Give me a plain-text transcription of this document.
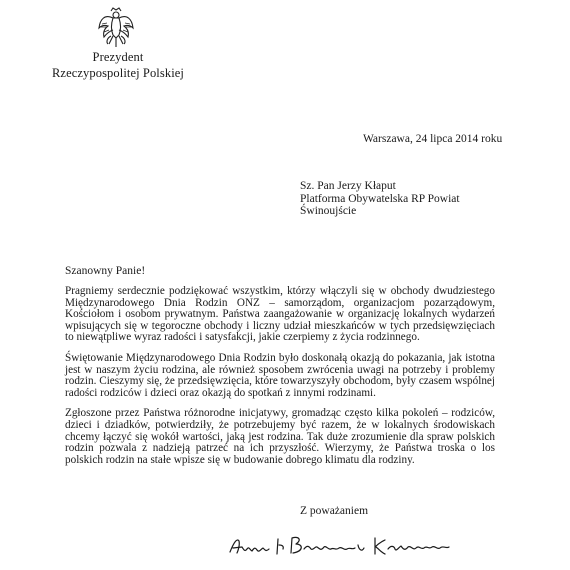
Prezydent
Rzeczypospolitej Polskiej
Warszawa, 24 lipca 2014 roku
Sz. Pan Jerzy Kłaput
Platforma Obywatelska RP Powiat
Świnoujście
Szanowny Panie!

Pragniemy serdecznie podziękować wszystkim, którzy włączyli się w obchody dwudziestego Międzynarodowego Dnia Rodzin ONZ – samorządom, organizacjom pozarządowym, Kościołom i osobom prywatnym. Państwa zaangażowanie w organizację lokalnych wydarzeń wpisujących się w tegoroczne obchody i liczny udział mieszkańców w tych przedsięwzięciach to niewątpliwe wyraz radości i satysfakcji, jakie czerpiemy z życia rodzinnego.

Świętowanie Międzynarodowego Dnia Rodzin było doskonałą okazją do pokazania, jak istotna jest w naszym życiu rodzina, ale również sposobem zwrócenia uwagi na potrzeby i problemy rodzin. Cieszymy się, że przedsięwzięcia, które towarzyszyły obchodom, były czasem wspólnej radości rodziców i dzieci oraz okazją do spotkań z innymi rodzinami.

Zgłoszone przez Państwa różnorodne inicjatywy, gromadząc często kilka pokoleń – rodziców, dzieci i dziadków, potwierdziły, że potrzebujemy być razem, że w lokalnych środowiskach chcemy łączyć się wokół wartości, jaką jest rodzina. Tak duże zrozumienie dla spraw polskich rodzin pozwala z nadzieją patrzeć na ich przyszłość. Wierzymy, że Państwa troska o los polskich rodzin na stałe wpisze się w budowanie dobrego klimatu dla rodziny.

Z poważaniem
